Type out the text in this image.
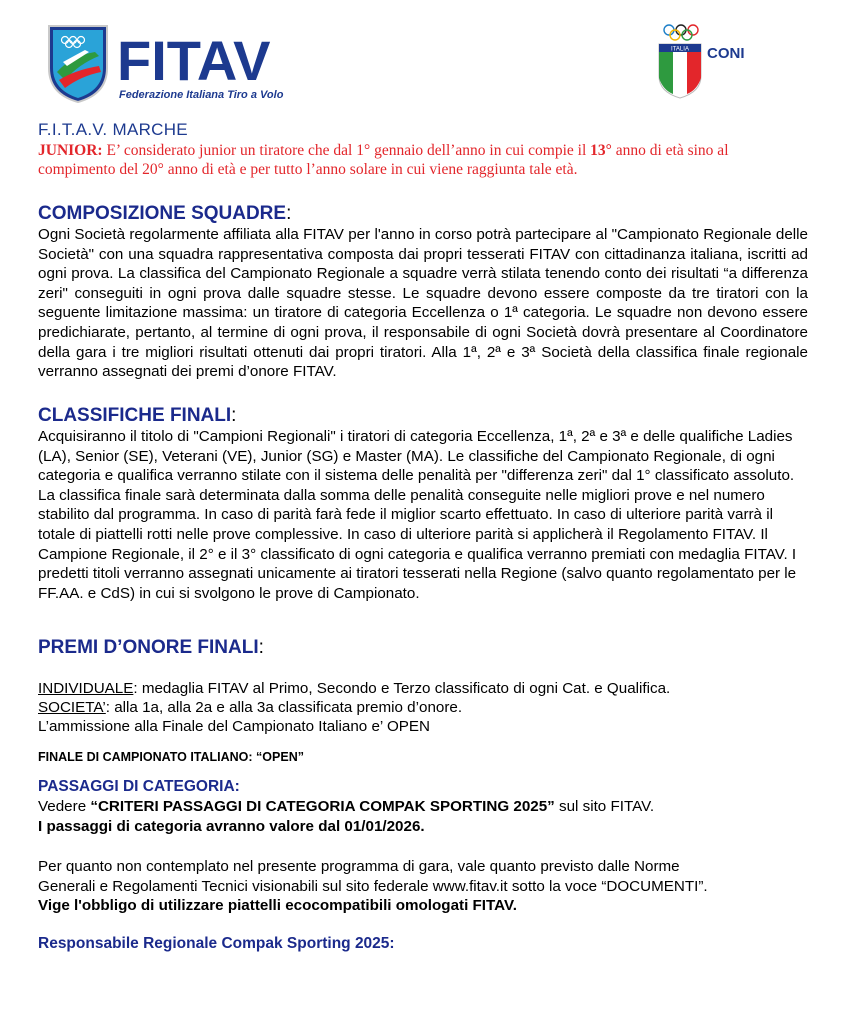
FITAV
Federazione Italiana Tiro a Volo
ITALIA CONI
F.I.T.A.V. MARCHE
JUNIOR: E’ considerato junior un tiratore che dal 1° gennaio dell’anno in cui compie il 13° anno di età sino al compimento del 20° anno di età e per tutto l’anno solare in cui viene raggiunta tale età.
COMPOSIZIONE SQUADRE:
Ogni Società regolarmente affiliata alla FITAV per l'anno in corso potrà partecipare al "Campionato Regionale delle Società" con una squadra rappresentativa composta dai propri tesserati FITAV con cittadinanza italiana, iscritti ad ogni prova. La classifica del Campionato Regionale a squadre verrà stilata tenendo conto dei risultati “a differenza zeri" conseguiti in ogni prova dalle squadre stesse. Le squadre devono essere composte da tre tiratori con la seguente limitazione massima: un tiratore di categoria Eccellenza o 1ª categoria. Le squadre non devono essere predichiarate, pertanto, al termine di ogni prova, il responsabile di ogni Società dovrà presentare al Coordinatore della gara i tre migliori risultati ottenuti dai propri tiratori. Alla 1ª, 2ª e 3ª Società della classifica finale regionale verranno assegnati dei premi d’onore FITAV.
CLASSIFICHE FINALI:
Acquisiranno il titolo di "Campioni Regionali" i tiratori di categoria Eccellenza, 1ª, 2ª e 3ª e delle qualifiche Ladies (LA), Senior (SE), Veterani (VE), Junior (SG) e Master (MA). Le classifiche del Campionato Regionale, di ogni categoria e qualifica verranno stilate con il sistema delle penalità per "differenza zeri" dal 1° classificato assoluto. La classifica finale sarà determinata dalla somma delle penalità conseguite nelle migliori prove e nel numero stabilito dal programma. In caso di parità farà fede il miglior scarto effettuato. In caso di ulteriore parità varrà il totale di piattelli rotti nelle prove complessive. In caso di ulteriore parità si applicherà il Regolamento FITAV. Il Campione Regionale, il 2° e il 3° classificato di ogni categoria e qualifica verranno premiati con medaglia FITAV. I predetti titoli verranno assegnati unicamente ai tiratori tesserati nella Regione (salvo quanto regolamentato per le FF.AA. e CdS) in cui si svolgono le prove di Campionato.
PREMI D’ONORE FINALI:
INDIVIDUALE: medaglia FITAV al Primo, Secondo e Terzo classificato di ogni Cat. e Qualifica.
SOCIETA’: alla 1a, alla 2a e alla 3a classificata premio d’onore.
L’ammissione alla Finale del Campionato Italiano e’ OPEN
FINALE DI CAMPIONATO ITALIANO: “OPEN”
PASSAGGI DI CATEGORIA:
Vedere “CRITERI PASSAGGI DI CATEGORIA COMPAK SPORTING 2025” sul sito FITAV.
I passaggi di categoria avranno valore dal 01/01/2026.
Per quanto non contemplato nel presente programma di gara, vale quanto previsto dalle Norme
Generali e Regolamenti Tecnici visionabili sul sito federale www.fitav.it sotto la voce “DOCUMENTI”.
Vige l'obbligo di utilizzare piattelli ecocompatibili omologati FITAV.
Responsabile Regionale Compak Sporting 2025:
